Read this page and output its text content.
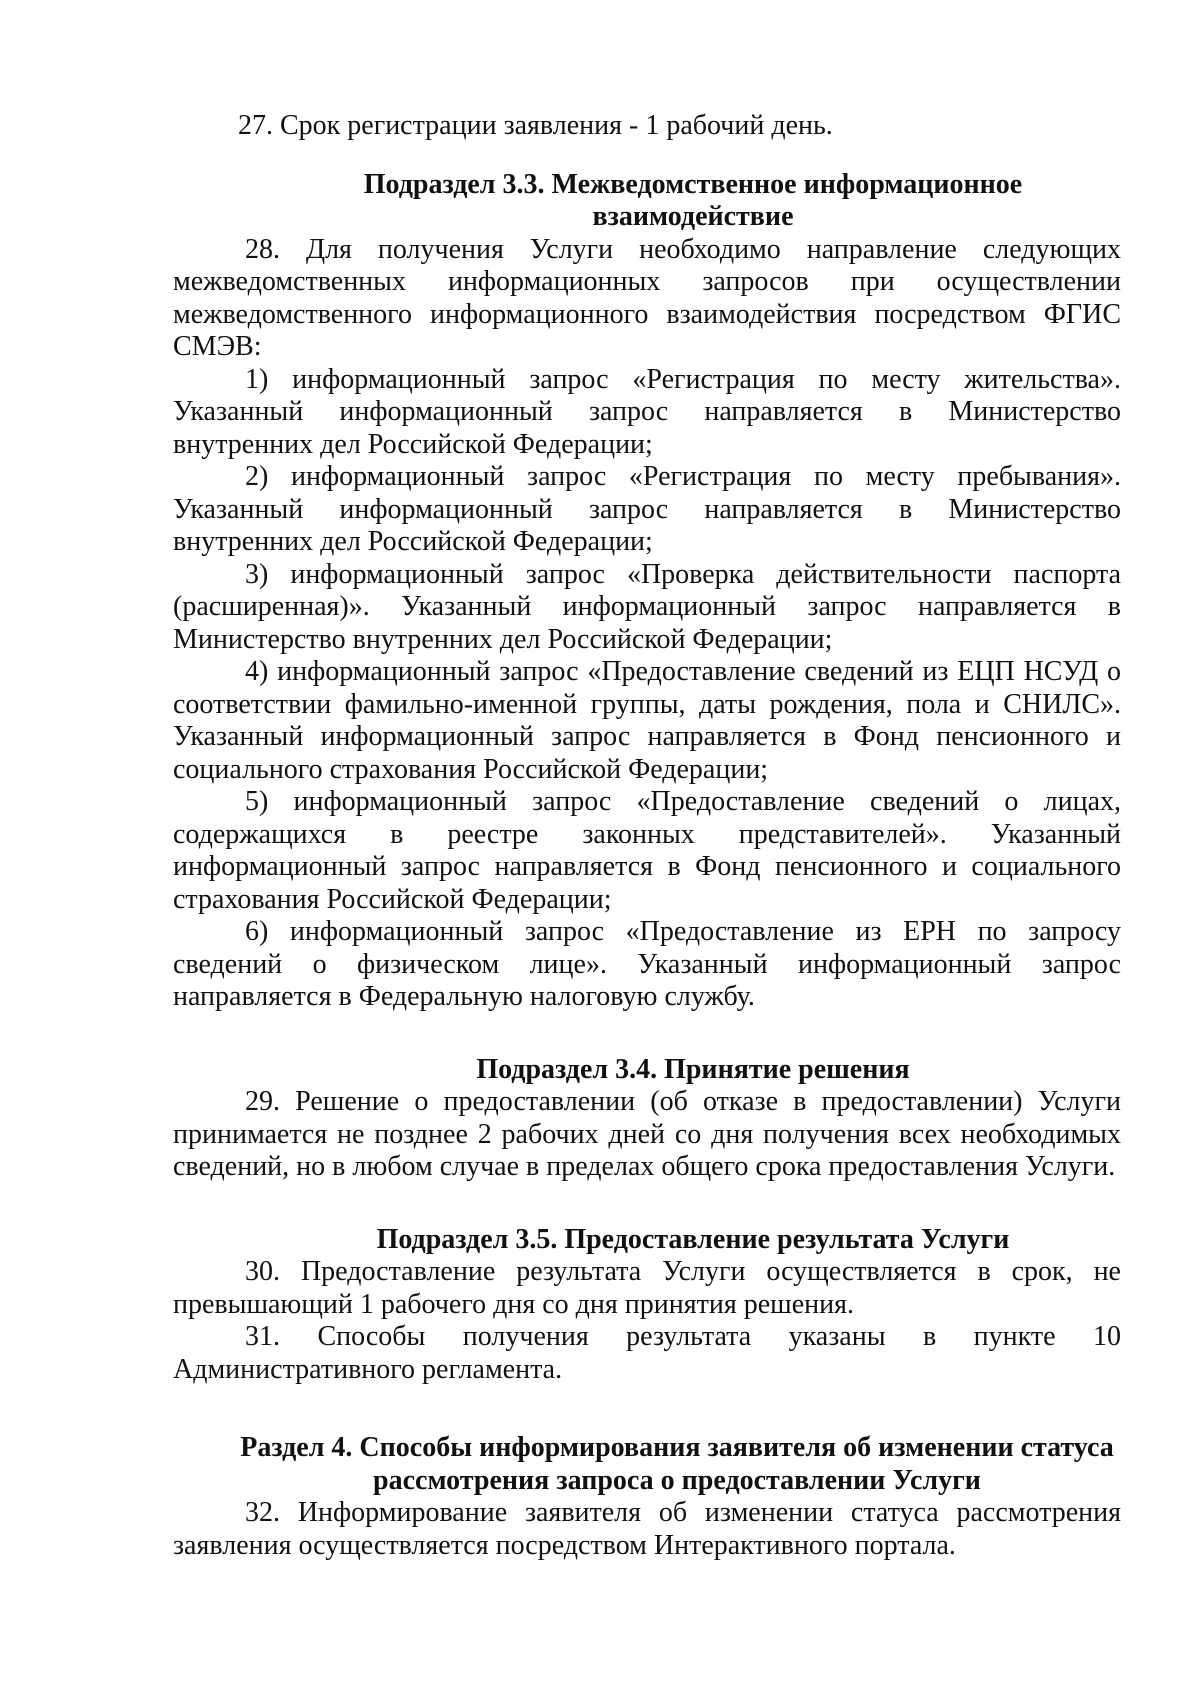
27. Срок регистрации заявления - 1 рабочий день.

Подраздел 3.3. Межведомственное информационное взаимодействие

28. Для получения Услуги необходимо направление следующих межведомственных информационных запросов при осуществлении межведомственного информационного взаимодействия посредством ФГИС СМЭВ:

1) информационный запрос «Регистрация по месту жительства». Указанный информационный запрос направляется в Министерство внутренних дел Российской Федерации;

2) информационный запрос «Регистрация по месту пребывания». Указанный информационный запрос направляется в Министерство внутренних дел Российской Федерации;

3) информационный запрос «Проверка действительности паспорта (расширенная)». Указанный информационный запрос направляется в Министерство внутренних дел Российской Федерации;

4) информационный запрос «Предоставление сведений из ЕЦП НСУД о соответствии фамильно-именной группы, даты рождения, пола и СНИЛС». Указанный информационный запрос направляется в Фонд пенсионного и социального страхования Российской Федерации;

5) информационный запрос «Предоставление сведений о лицах, содержащихся в реестре законных представителей». Указанный информационный запрос направляется в Фонд пенсионного и социального страхования Российской Федерации;

6) информационный запрос «Предоставление из ЕРН по запросу сведений о физическом лице». Указанный информационный запрос направляется в Федеральную налоговую службу.

Подраздел 3.4. Принятие решения

29. Решение о предоставлении (об отказе в предоставлении) Услуги принимается не позднее 2 рабочих дней со дня получения всех необходимых сведений, но в любом случае в пределах общего срока предоставления Услуги.

Подраздел 3.5. Предоставление результата Услуги

30. Предоставление результата Услуги осуществляется в срок, не превышающий 1 рабочего дня со дня принятия решения.

31. Способы получения результата указаны в пункте 10 Административного регламента.

Раздел 4. Способы информирования заявителя об изменении статуса рассмотрения запроса о предоставлении Услуги

32. Информирование заявителя об изменении статуса рассмотрения заявления осуществляется посредством Интерактивного портала.
